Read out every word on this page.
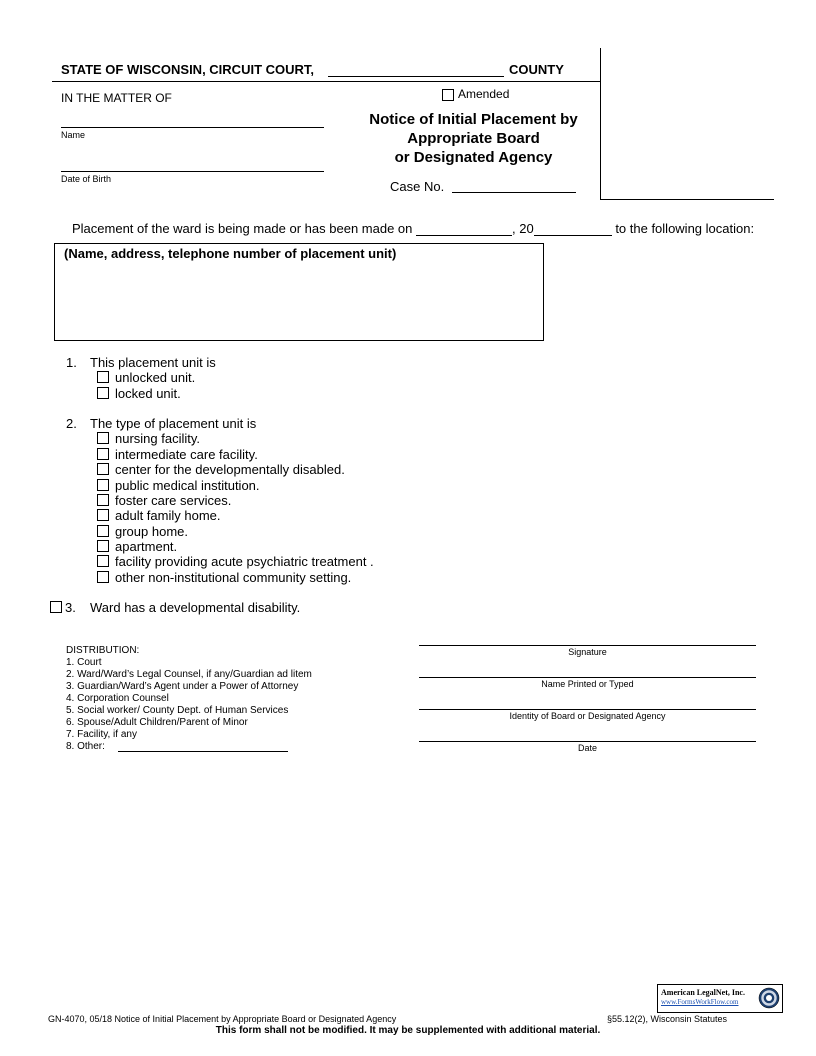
STATE OF WISCONSIN, CIRCUIT COURT,	COUNTY
IN THE MATTER OF
Name
Date of Birth
Amended
Notice of Initial Placement by
Appropriate Board
or Designated Agency
Case No.
Placement of the ward is being made or has been made on	, 20	to the following location:
(Name, address, telephone number of placement unit)
1. This placement unit is
unlocked unit.
locked unit.
2. The type of placement unit is
nursing facility.
intermediate care facility.
center for the developmentally disabled.
public medical institution.
foster care services.
adult family home.
group home.
apartment.
facility providing acute psychiatric treatment .
other non-institutional community setting.
3. Ward has a developmental disability.
DISTRIBUTION:
1. Court
2. Ward/Ward’s Legal Counsel, if any/Guardian ad litem
3. Guardian/Ward’s Agent under a Power of Attorney
4. Corporation Counsel
5. Social worker/ County Dept. of Human Services
6. Spouse/Adult Children/Parent of Minor
7. Facility, if any
8. Other:
Signature
Name Printed or Typed
Identity of Board or Designated Agency
Date
American LegalNet, Inc.
www.FormsWorkFlow.com
GN-4070, 05/18 Notice of Initial Placement by Appropriate Board or Designated Agency	§55.12(2), Wisconsin Statutes
This form shall not be modified. It may be supplemented with additional material.
